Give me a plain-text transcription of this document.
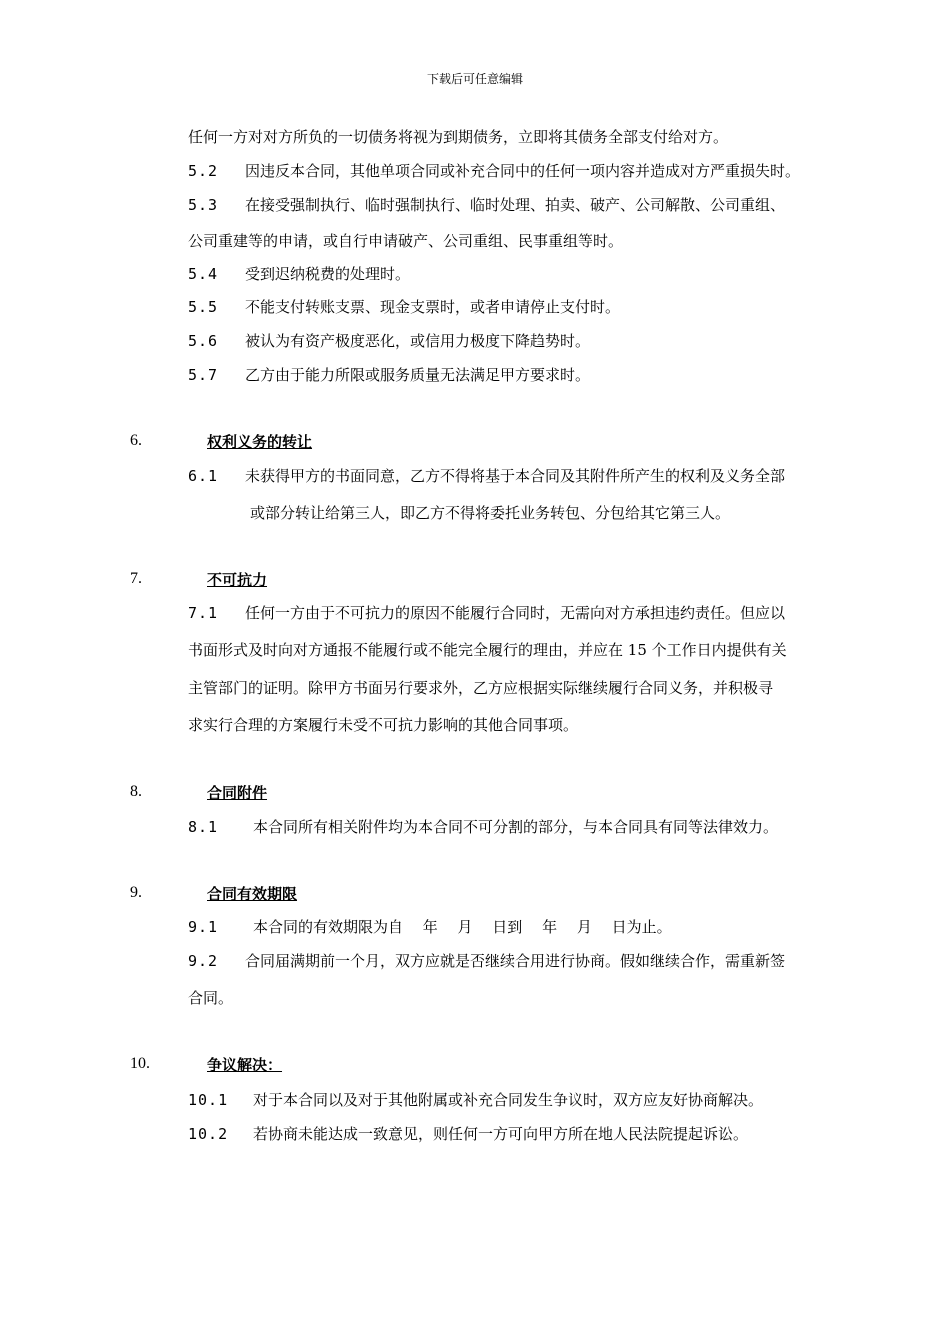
下载后可任意编辑
任何一方对对方所负的一切债务将视为到期债务，立即将其债务全部支付给对方。
5.2 因违反本合同，其他单项合同或补充合同中的任何一项内容并造成对方严重损失时。
5.3 在接受强制执行、临时强制执行、临时处理、拍卖、破产、公司解散、公司重组、
公司重建等的申请，或自行申请破产、公司重组、民事重组等时。
5.4 受到迟纳税费的处理时。
5.5 不能支付转账支票、现金支票时，或者申请停止支付时。
5.6 被认为有资产极度恶化，或信用力极度下降趋势时。
5.7 乙方由于能力所限或服务质量无法满足甲方要求时。
6.	权利义务的转让
6.1 未获得甲方的书面同意，乙方不得将基于本合同及其附件所产生的权利及义务全部
或部分转让给第三人，即乙方不得将委托业务转包、分包给其它第三人。
7.	不可抗力
7.1 任何一方由于不可抗力的原因不能履行合同时，无需向对方承担违约责任。但应以
书面形式及时向对方通报不能履行或不能完全履行的理由，并应在 15 个工作日内提供有关
主管部门的证明。除甲方书面另行要求外，乙方应根据实际继续履行合同义务，并积极寻
求实行合理的方案履行未受不可抗力影响的其他合同事项。
8.	合同附件
8.1 本合同所有相关附件均为本合同不可分割的部分，与本合同具有同等法律效力。
9.	合同有效期限
9.1 本合同的有效期限为自　 年　 月　 日到　 年　 月　 日为止。
9.2 合同届满期前一个月，双方应就是否继续合用进行协商。假如继续合作，需重新签
合同。
10.	争议解决：
10.1 对于本合同以及对于其他附属或补充合同发生争议时，双方应友好协商解决。
10.2 若协商未能达成一致意见，则任何一方可向甲方所在地人民法院提起诉讼。
